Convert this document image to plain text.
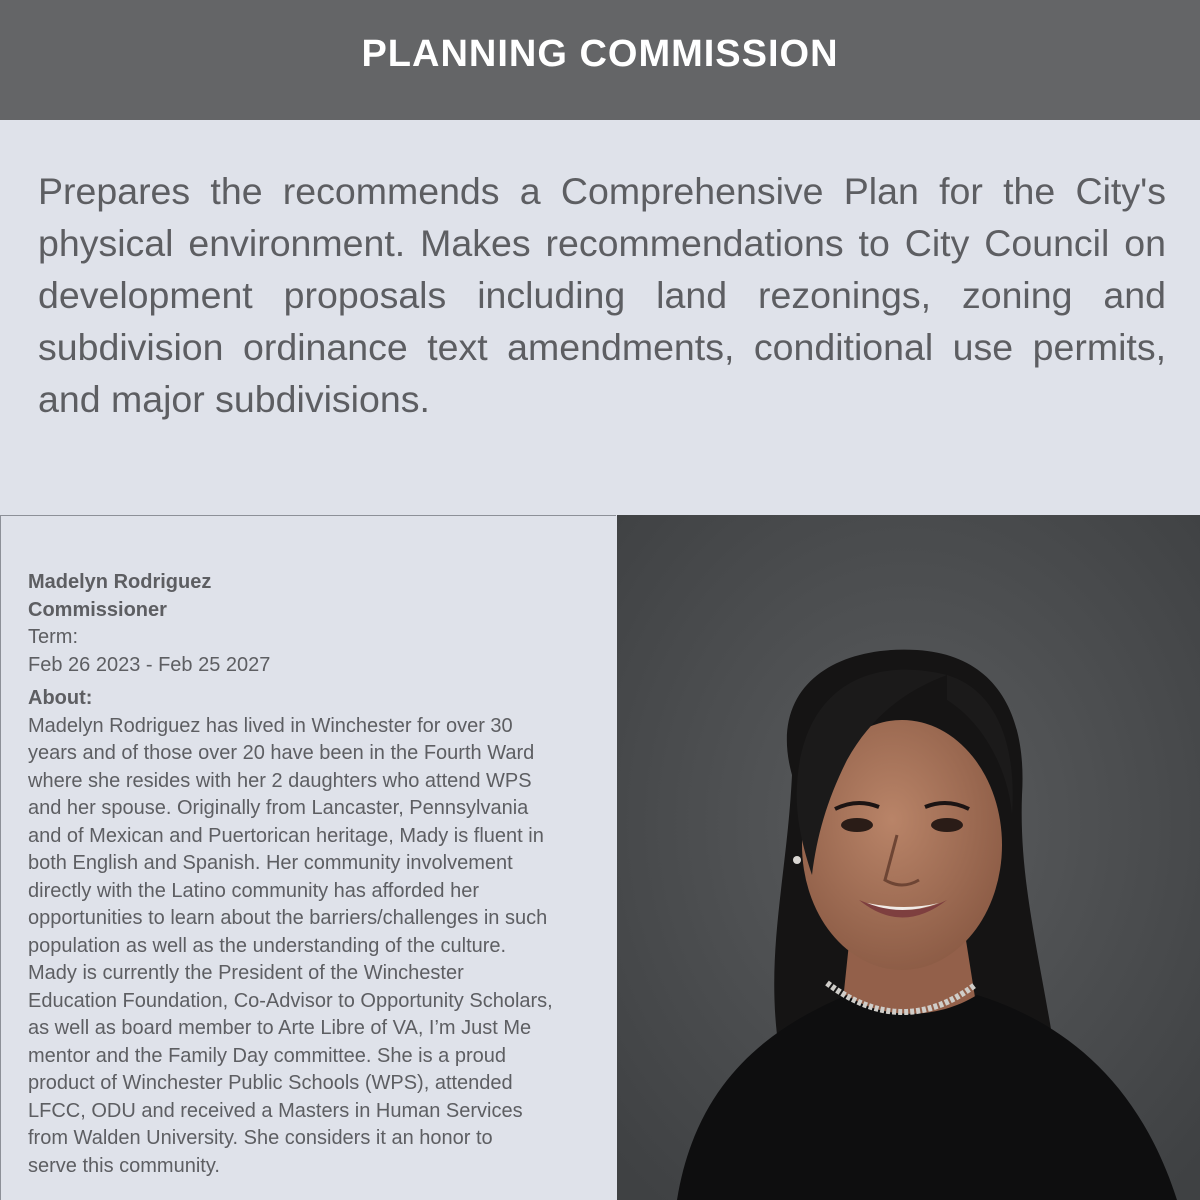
PLANNING COMMISSION

Prepares the recommends a Comprehensive Plan for the City's physical environment. Makes recommendations to City Council on development proposals including land rezonings, zoning and subdivision ordinance text amendments, conditional use permits, and major subdivisions.

Madelyn Rodriguez
Commissioner
Term:
Feb 26 2023 - Feb 25 2027
About:

Madelyn Rodriguez has lived in Winchester for over 30
years and of those over 20 have been in the Fourth Ward
where she resides with her 2 daughters who attend WPS
and her spouse. Originally from Lancaster, Pennsylvania
and of Mexican and Puertorican heritage, Mady is fluent in
both English and Spanish. Her community involvement
directly with the Latino community has afforded her
opportunities to learn about the barriers/challenges in such
population as well as the understanding of the culture.
Mady is currently the President of the Winchester
Education Foundation, Co-Advisor to Opportunity Scholars,
as well as board member to Arte Libre of VA, I’m Just Me
mentor and the Family Day committee. She is a proud
product of Winchester Public Schools (WPS), attended
LFCC, ODU and received a Masters in Human Services
from Walden University. She considers it an honor to
serve this community.
